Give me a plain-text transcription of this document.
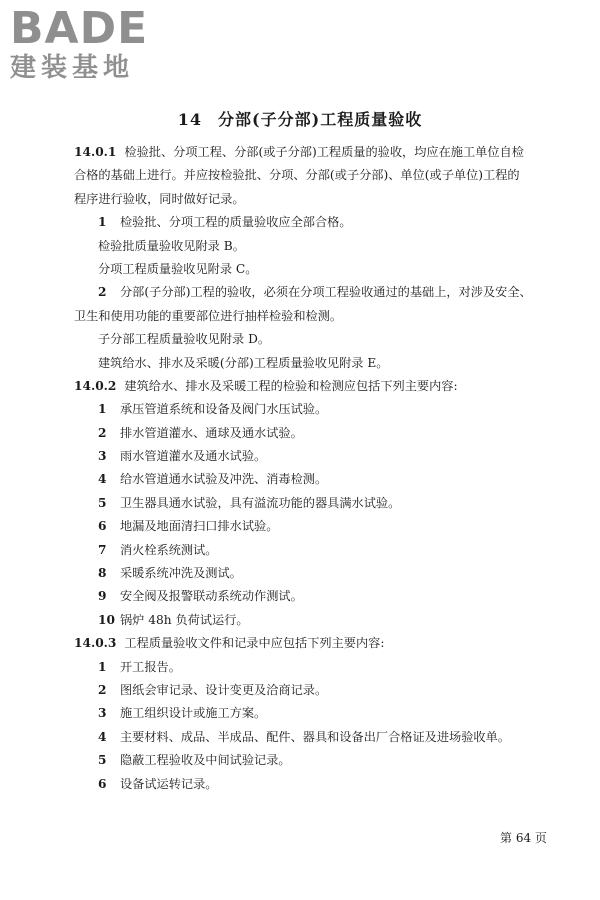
BADE
建装基地
14 分部(子分部)工程质量验收
14.0.1 检验批、分项工程、分部(或子分部)工程质量的验收，均应在施工单位自检
合格的基础上进行。并应按检验批、分项、分部(或子分部)、单位(或子单位)工程的
程序进行验收，同时做好记录。
1 检验批、分项工程的质量验收应全部合格。
检验批质量验收见附录 B。
分项工程质量验收见附录 C。
2 分部(子分部)工程的验收，必须在分项工程验收通过的基础上，对涉及安全、
卫生和使用功能的重要部位进行抽样检验和检测。
子分部工程质量验收见附录 D。
建筑给水、排水及采暖(分部)工程质量验收见附录 E。
14.0.2 建筑给水、排水及采暖工程的检验和检测应包括下列主要内容:
1 承压管道系统和设备及阀门水压试验。
2 排水管道灌水、通球及通水试验。
3 雨水管道灌水及通水试验。
4 给水管道通水试验及冲洗、消毒检测。
5 卫生器具通水试验，具有溢流功能的器具满水试验。
6 地漏及地面清扫口排水试验。
7 消火栓系统测试。
8 采暖系统冲洗及测试。
9 安全阀及报警联动系统动作测试。
10 锅炉 48h 负荷试运行。
14.0.3 工程质量验收文件和记录中应包括下列主要内容:
1 开工报告。
2 图纸会审记录、设计变更及洽商记录。
3 施工组织设计或施工方案。
4 主要材料、成品、半成品、配件、器具和设备出厂合格证及进场验收单。
5 隐蔽工程验收及中间试验记录。
6 设备试运转记录。
第 64 页
